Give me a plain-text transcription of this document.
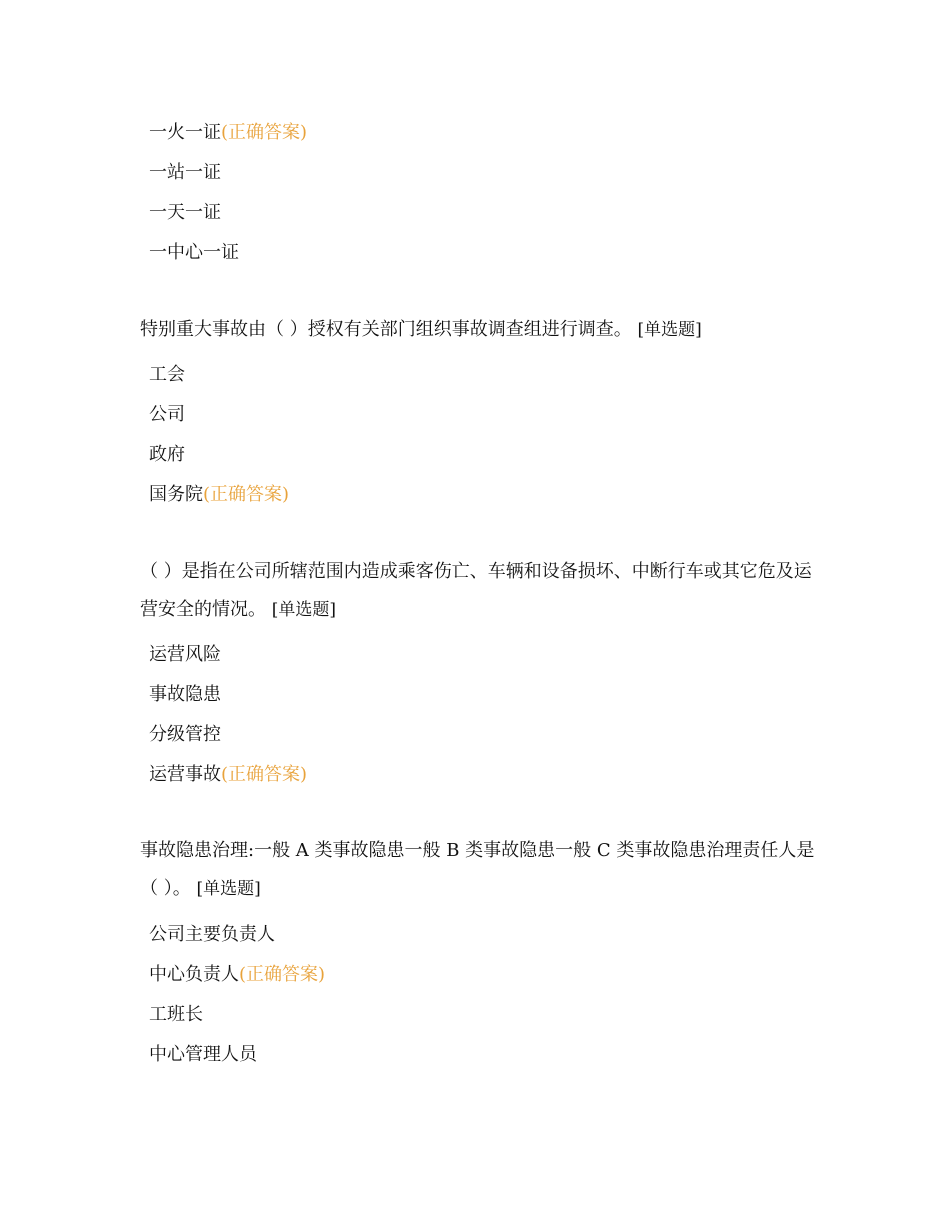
一火一证(正确答案)
一站一证
一天一证
一中心一证
特别重大事故由（ ）授权有关部门组织事故调查组进行调查。 [单选题]
工会
公司
政府
国务院(正确答案)
（ ）是指在公司所辖范围内造成乘客伤亡、车辆和设备损坏、中断行车或其它危及运营安全的情况。 [单选题]
运营风险
事故隐患
分级管控
运营事故(正确答案)
事故隐患治理:一般 A 类事故隐患一般 B 类事故隐患一般 C 类事故隐患治理责任人是（ ）。 [单选题]
公司主要负责人
中心负责人(正确答案)
工班长
中心管理人员
